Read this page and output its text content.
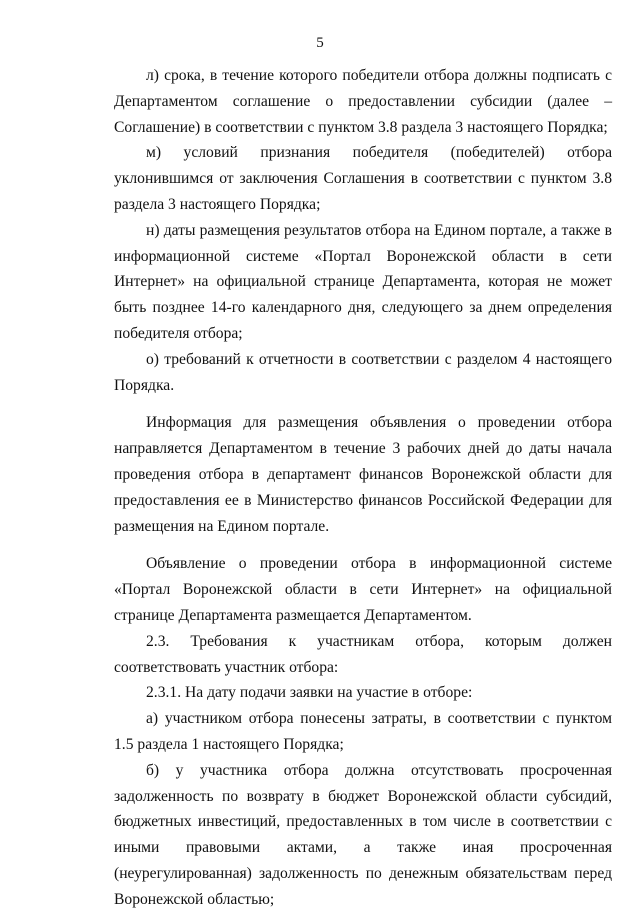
5

л) срока, в течение которого победители отбора должны подписать с Департаментом соглашение о предоставлении субсидии (далее – Соглашение) в соответствии с пунктом 3.8 раздела 3 настоящего Порядка;

м) условий признания победителя (победителей) отбора уклонившимся от заключения Соглашения в соответствии с пунктом 3.8 раздела 3 настоящего Порядка;

н) даты размещения результатов отбора на Едином портале, а также в информационной системе «Портал Воронежской области в сети Интернет» на официальной странице Департамента, которая не может быть позднее 14-го календарного дня, следующего за днем определения победителя отбора;

о) требований к отчетности в соответствии с разделом 4 настоящего Порядка.

Информация для размещения объявления о проведении отбора направляется Департаментом в течение 3 рабочих дней до даты начала проведения отбора в департамент финансов Воронежской области для предоставления ее в Министерство финансов Российской Федерации для размещения на Едином портале.

Объявление о проведении отбора в информационной системе «Портал Воронежской области в сети Интернет» на официальной странице Департамента размещается Департаментом.

2.3. Требования к участникам отбора, которым должен соответствовать участник отбора:

2.3.1. На дату подачи заявки на участие в отборе:

а) участником отбора понесены затраты, в соответствии с пунктом 1.5 раздела 1 настоящего Порядка;

б) у участника отбора должна отсутствовать просроченная задолженность по возврату в бюджет Воронежской области субсидий, бюджетных инвестиций, предоставленных в том числе в соответствии с иными правовыми актами, а также иная просроченная (неурегулированная) задолженность по денежным обязательствам перед Воронежской областью;
